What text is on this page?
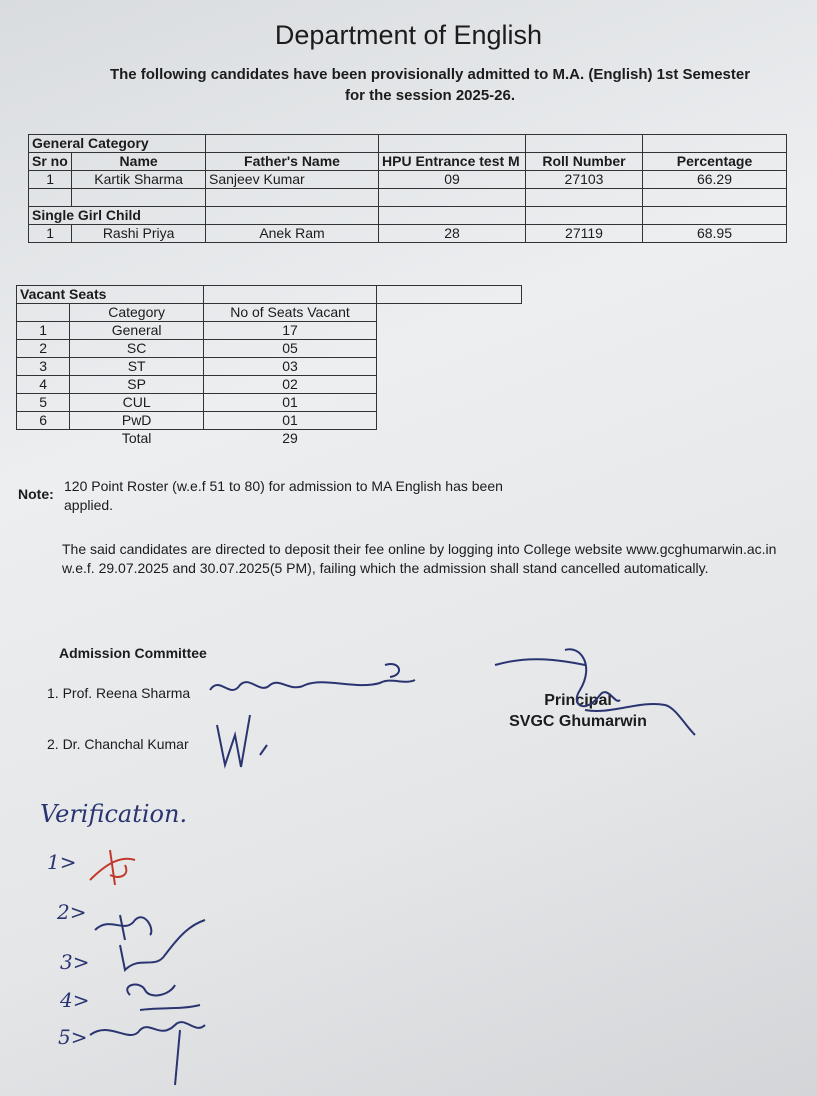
Department of English
The following candidates have been provisionally admitted to M.A. (English) 1st Semester for the session 2025-26.
General Category					
Sr no	Name	Father's Name	HPU Entrance test M	Roll Number	Percentage
1	Kartik Sharma	Sanjeev Kumar	09	27103	66.29

Single Girl Child					
1	Rashi Priya	Anek Ram	28	27119	68.95
Vacant Seats			
	Category	No of Seats Vacant	
1	General	17	
2	SC	05	
3	ST	03	
4	SP	02	
5	CUL	01	
6	PwD	01	
	Total	29	
Note: 120 Point Roster (w.e.f 51 to 80) for admission to MA English has been applied.
The said candidates are directed to deposit their fee online by logging into College website www.gcghumarwin.ac.in w.e.f. 29.07.2025 and 30.07.2025(5 PM), failing which the admission shall stand cancelled automatically.
Admission Committee
1. Prof. Reena Sharma
2. Dr. Chanchal Kumar
Principal
SVGC Ghumarwin
Verification.
1>
2>
3>
4>
5>
